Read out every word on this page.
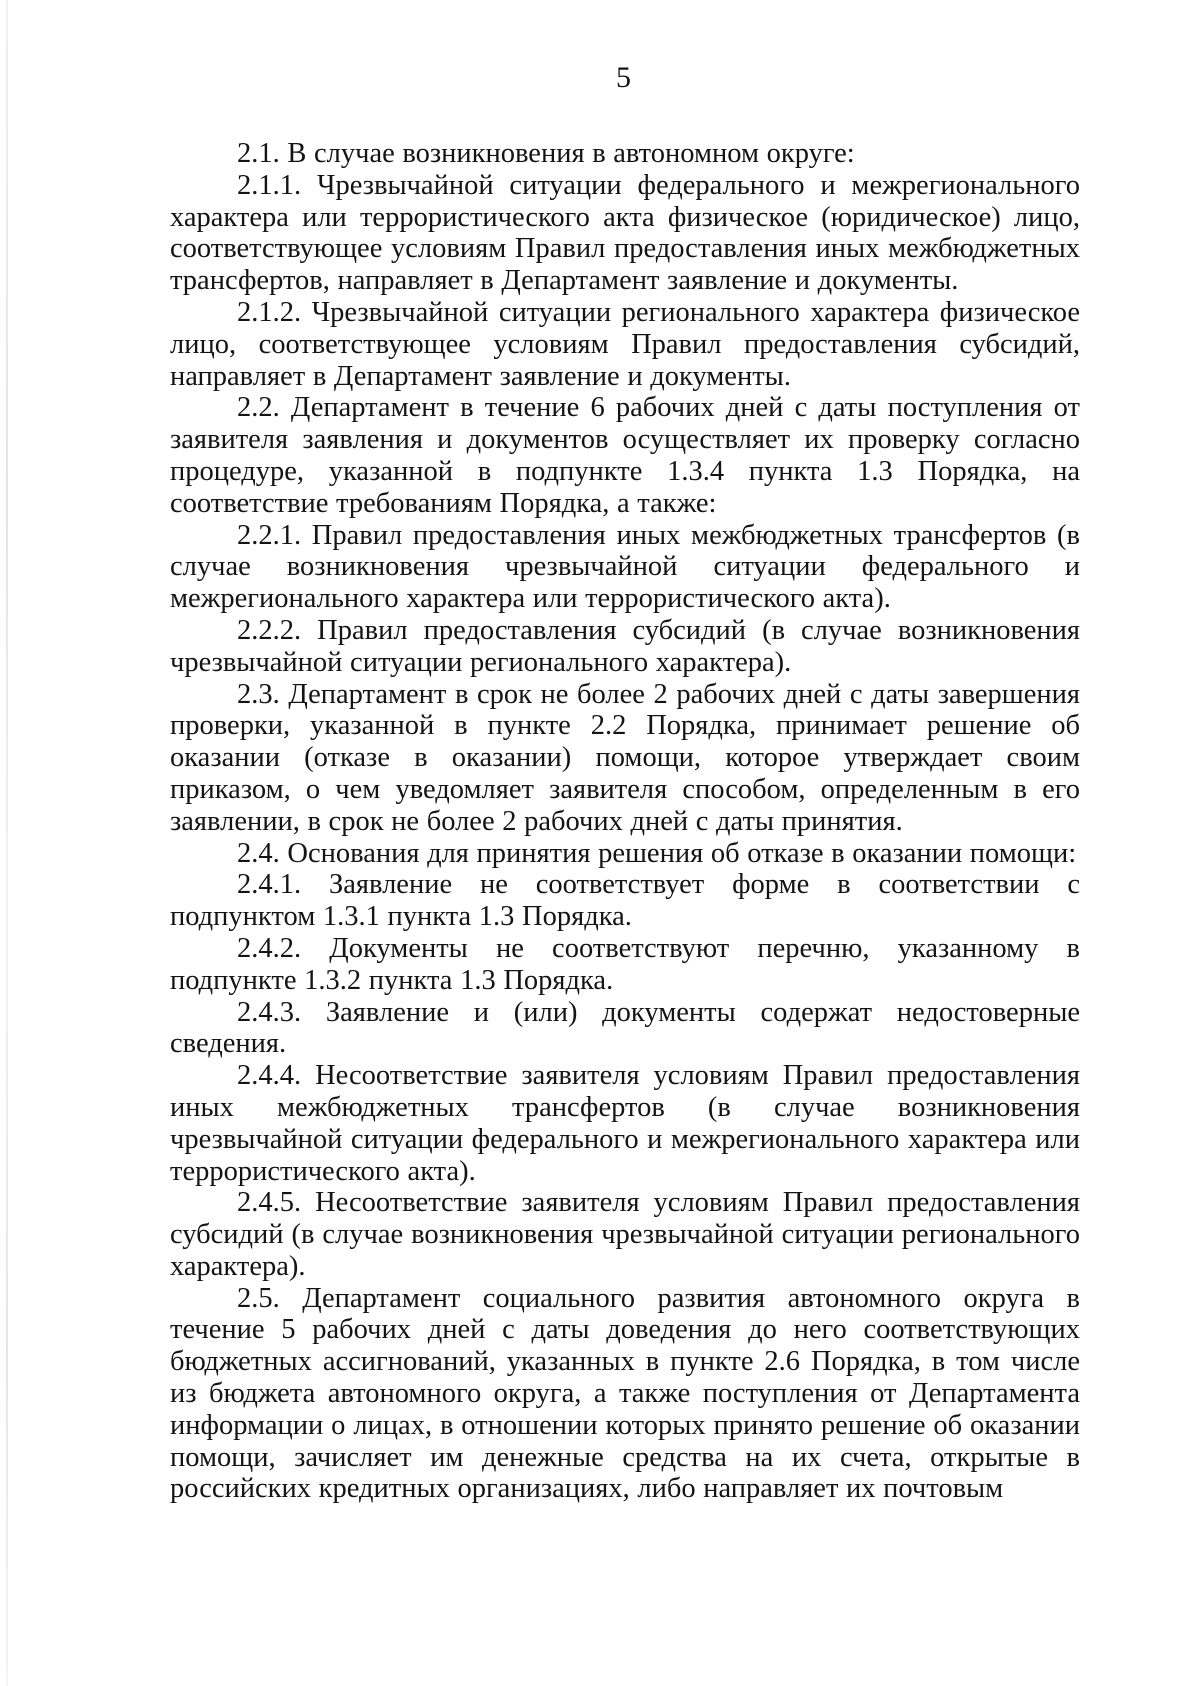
5

2.1. В случае возникновения в автономном округе:

2.1.1. Чрезвычайной ситуации федерального и межрегионального характера или террористического акта физическое (юридическое) лицо, соответствующее условиям Правил предоставления иных межбюджетных трансфертов, направляет в Департамент заявление и документы.

2.1.2. Чрезвычайной ситуации регионального характера физическое лицо, соответствующее условиям Правил предоставления субсидий, направляет в Департамент заявление и документы.

2.2. Департамент в течение 6 рабочих дней с даты поступления от заявителя заявления и документов осуществляет их проверку согласно процедуре, указанной в подпункте 1.3.4 пункта 1.3 Порядка, на соответствие требованиям Порядка, а также:

2.2.1. Правил предоставления иных межбюджетных трансфертов (в случае возникновения чрезвычайной ситуации федерального и межрегионального характера или террористического акта).

2.2.2. Правил предоставления субсидий (в случае возникновения чрезвычайной ситуации регионального характера).

2.3. Департамент в срок не более 2 рабочих дней с даты завершения проверки, указанной в пункте 2.2 Порядка, принимает решение об оказании (отказе в оказании) помощи, которое утверждает своим приказом, о чем уведомляет заявителя способом, определенным в его заявлении, в срок не более 2 рабочих дней с даты принятия.

2.4. Основания для принятия решения об отказе в оказании помощи:

2.4.1. Заявление не соответствует форме в соответствии с подпунктом 1.3.1 пункта 1.3 Порядка.

2.4.2. Документы не соответствуют перечню, указанному в подпункте 1.3.2 пункта 1.3 Порядка.

2.4.3. Заявление и (или) документы содержат недостоверные сведения.

2.4.4. Несоответствие заявителя условиям Правил предоставления иных межбюджетных трансфертов (в случае возникновения чрезвычайной ситуации федерального и межрегионального характера или террористического акта).

2.4.5. Несоответствие заявителя условиям Правил предоставления субсидий (в случае возникновения чрезвычайной ситуации регионального характера).

2.5. Департамент социального развития автономного округа в течение 5 рабочих дней с даты доведения до него соответствующих бюджетных ассигнований, указанных в пункте 2.6 Порядка, в том числе из бюджета автономного округа, а также поступления от Департамента информации о лицах, в отношении которых принято решение об оказании помощи, зачисляет им денежные средства на их счета, открытые в российских кредитных организациях, либо направляет их почтовым
